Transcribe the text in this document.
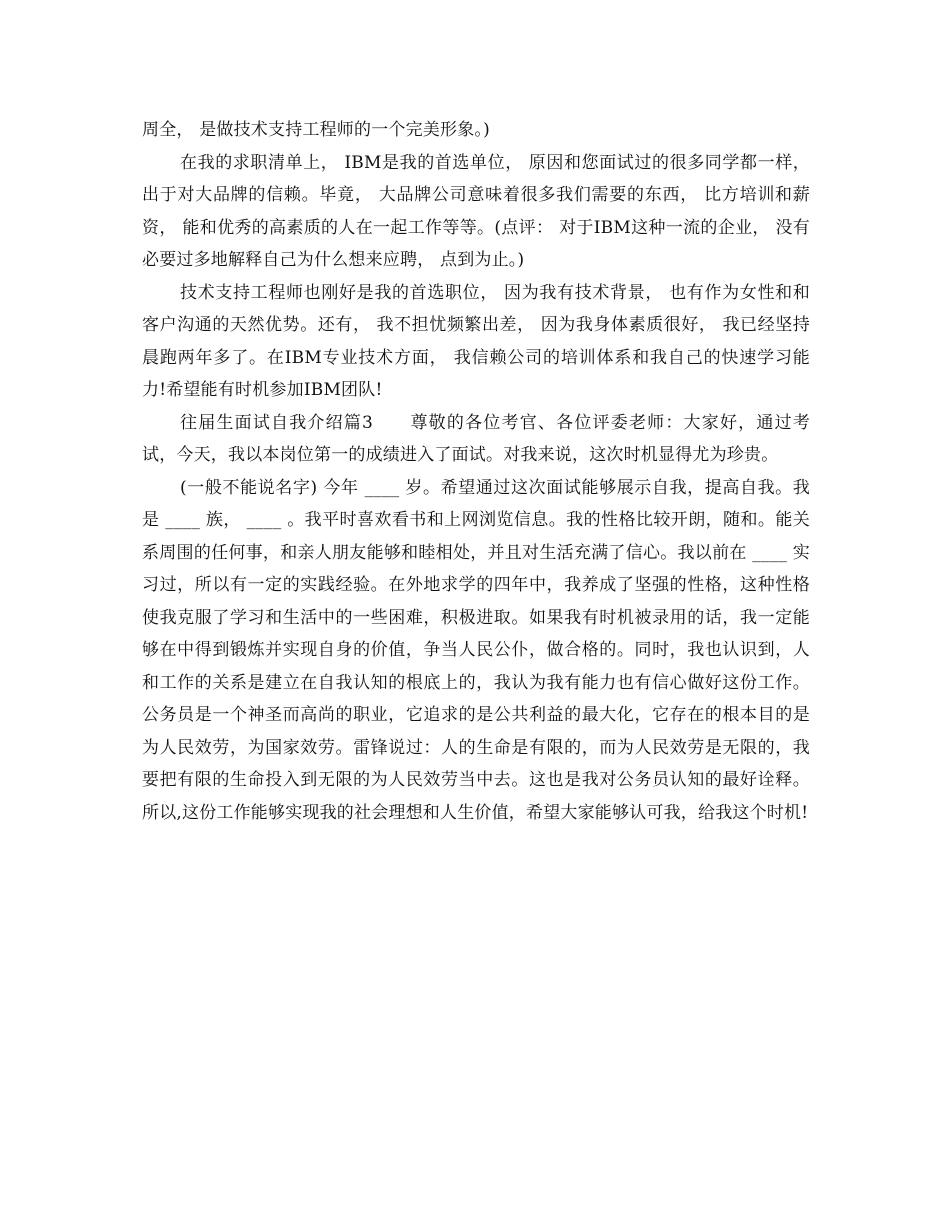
周全， 是做技术支持工程师的一个完美形象。)

在我的求职清单上， IBM是我的首选单位， 原因和您面试过的很多同学都一样， 出于对大品牌的信赖。毕竟， 大品牌公司意味着很多我们需要的东西， 比方培训和薪资， 能和优秀的高素质的人在一起工作等等。(点评： 对于IBM这种一流的企业， 没有必要过多地解释自己为什么想来应聘， 点到为止。)

技术支持工程师也刚好是我的首选职位， 因为我有技术背景， 也有作为女性和和客户沟通的天然优势。还有， 我不担忧频繁出差， 因为我身体素质很好， 我已经坚持晨跑两年多了。在IBM专业技术方面， 我信赖公司的培训体系和我自己的快速学习能力!希望能有时机参加IBM团队!

往届生面试自我介绍篇3　　尊敬的各位考官、各位评委老师：大家好，通过考试，今天，我以本岗位第一的成绩进入了面试。对我来说，这次时机显得尤为珍贵。

(一般不能说名字) 今年 ____ 岁。希望通过这次面试能够展示自我，提高自我。我是 ____ 族， ____ 。我平时喜欢看书和上网浏览信息。我的性格比较开朗，随和。能关系周围的任何事，和亲人朋友能够和睦相处，并且对生活充满了信心。我以前在 ____ 实习过，所以有一定的实践经验。在外地求学的四年中，我养成了坚强的性格，这种性格使我克服了学习和生活中的一些困难，积极进取。如果我有时机被录用的话，我一定能够在中得到锻炼并实现自身的价值，争当人民公仆，做合格的。同时，我也认识到，人和工作的关系是建立在自我认知的根底上的，我认为我有能力也有信心做好这份工作。公务员是一个神圣而高尚的职业，它追求的是公共利益的最大化，它存在的根本目的是为人民效劳，为国家效劳。雷锋说过：人的生命是有限的，而为人民效劳是无限的，我要把有限的生命投入到无限的为人民效劳当中去。这也是我对公务员认知的最好诠释。所以,这份工作能够实现我的社会理想和人生价值，希望大家能够认可我，给我这个时机!
